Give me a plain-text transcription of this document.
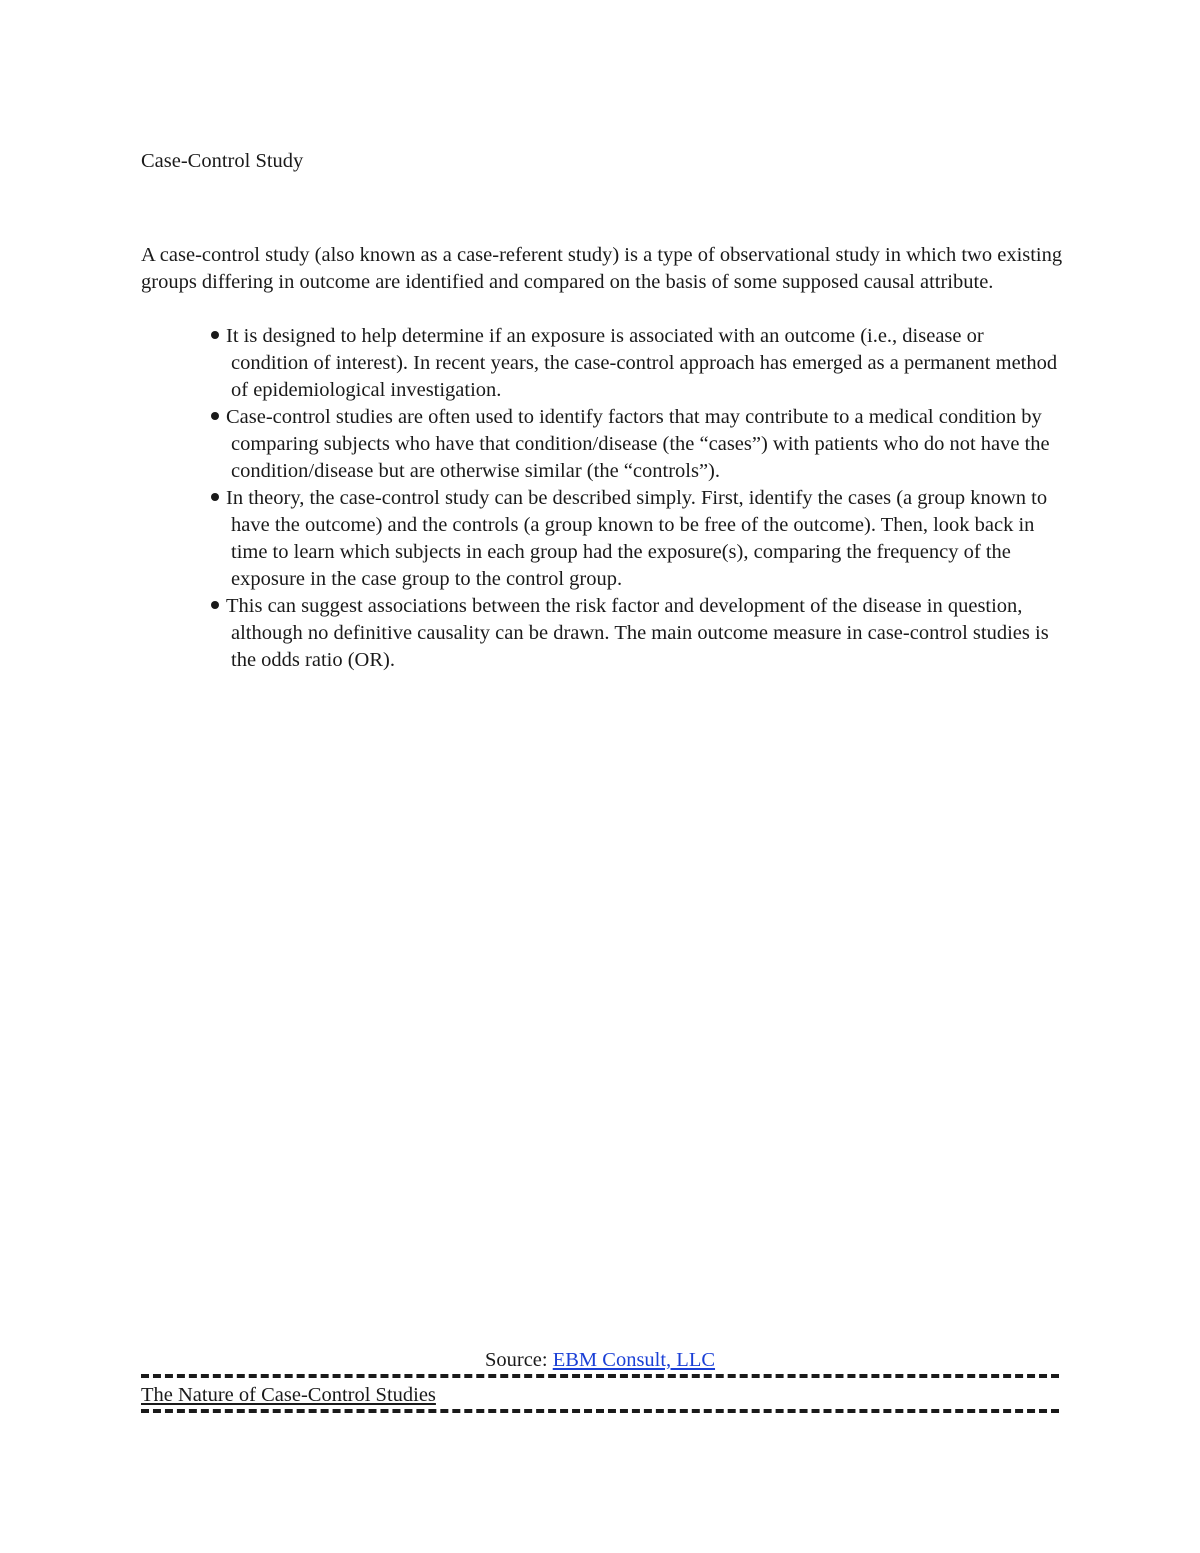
Case-Control Study

A case-control study (also known as a case-referent study) is a type of observational study in which two existing groups differing in outcome are identified and compared on the basis of some supposed causal attribute.

It is designed to help determine if an exposure is associated with an outcome (i.e., disease or condition of interest). In recent years, the case-control approach has emerged as a permanent method of epidemiological investigation.
Case-control studies are often used to identify factors that may contribute to a medical condition by comparing subjects who have that condition/disease (the “cases”) with patients who do not have the condition/disease but are otherwise similar (the “controls”).
In theory, the case-control study can be described simply. First, identify the cases (a group known to have the outcome) and the controls (a group known to be free of the outcome). Then, look back in time to learn which subjects in each group had the exposure(s), comparing the frequency of the exposure in the case group to the control group.
This can suggest associations between the risk factor and development of the disease in question, although no definitive causality can be drawn. The main outcome measure in case-control studies is the odds ratio (OR).
Source: EBM Consult, LLC
The Nature of Case-Control Studies
